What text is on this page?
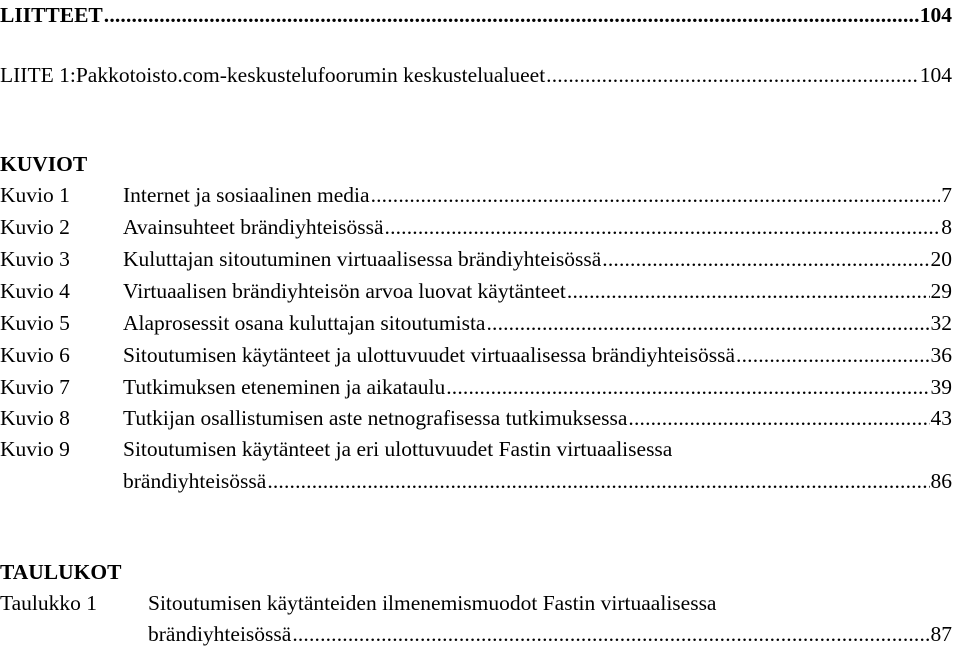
LIITTEET . . .	104
LIITE 1: Pakkotoisto.com-keskustelufoorumin keskustelualueet . . .	104
KUVIOT
Kuvio 1	Internet ja sosiaalinen media . . .	7
Kuvio 2	Avainsuhteet brändiyhteisössä . . .	8
Kuvio 3	Kuluttajan sitoutuminen virtuaalisessa brändiyhteisössä . . .	20
Kuvio 4	Virtuaalisen brändiyhteisön arvoa luovat käytänteet . . .	29
Kuvio 5	Alaprosessit osana kuluttajan sitoutumista . . .	32
Kuvio 6	Sitoutumisen käytänteet ja ulottuvuudet virtuaalisessa brändiyhteisössä . . .	36
Kuvio 7	Tutkimuksen eteneminen ja aikataulu . . .	39
Kuvio 8	Tutkijan osallistumisen aste netnografisessa tutkimuksessa . . .	43
Kuvio 9	Sitoutumisen käytänteet ja eri ulottuvuudet Fastin virtuaalisessa
brändiyhteisössä . . .	86
TAULUKOT
Taulukko 1	Sitoutumisen käytänteiden ilmenemismuodot Fastin virtuaalisessa
brändiyhteisössä . . .	87
